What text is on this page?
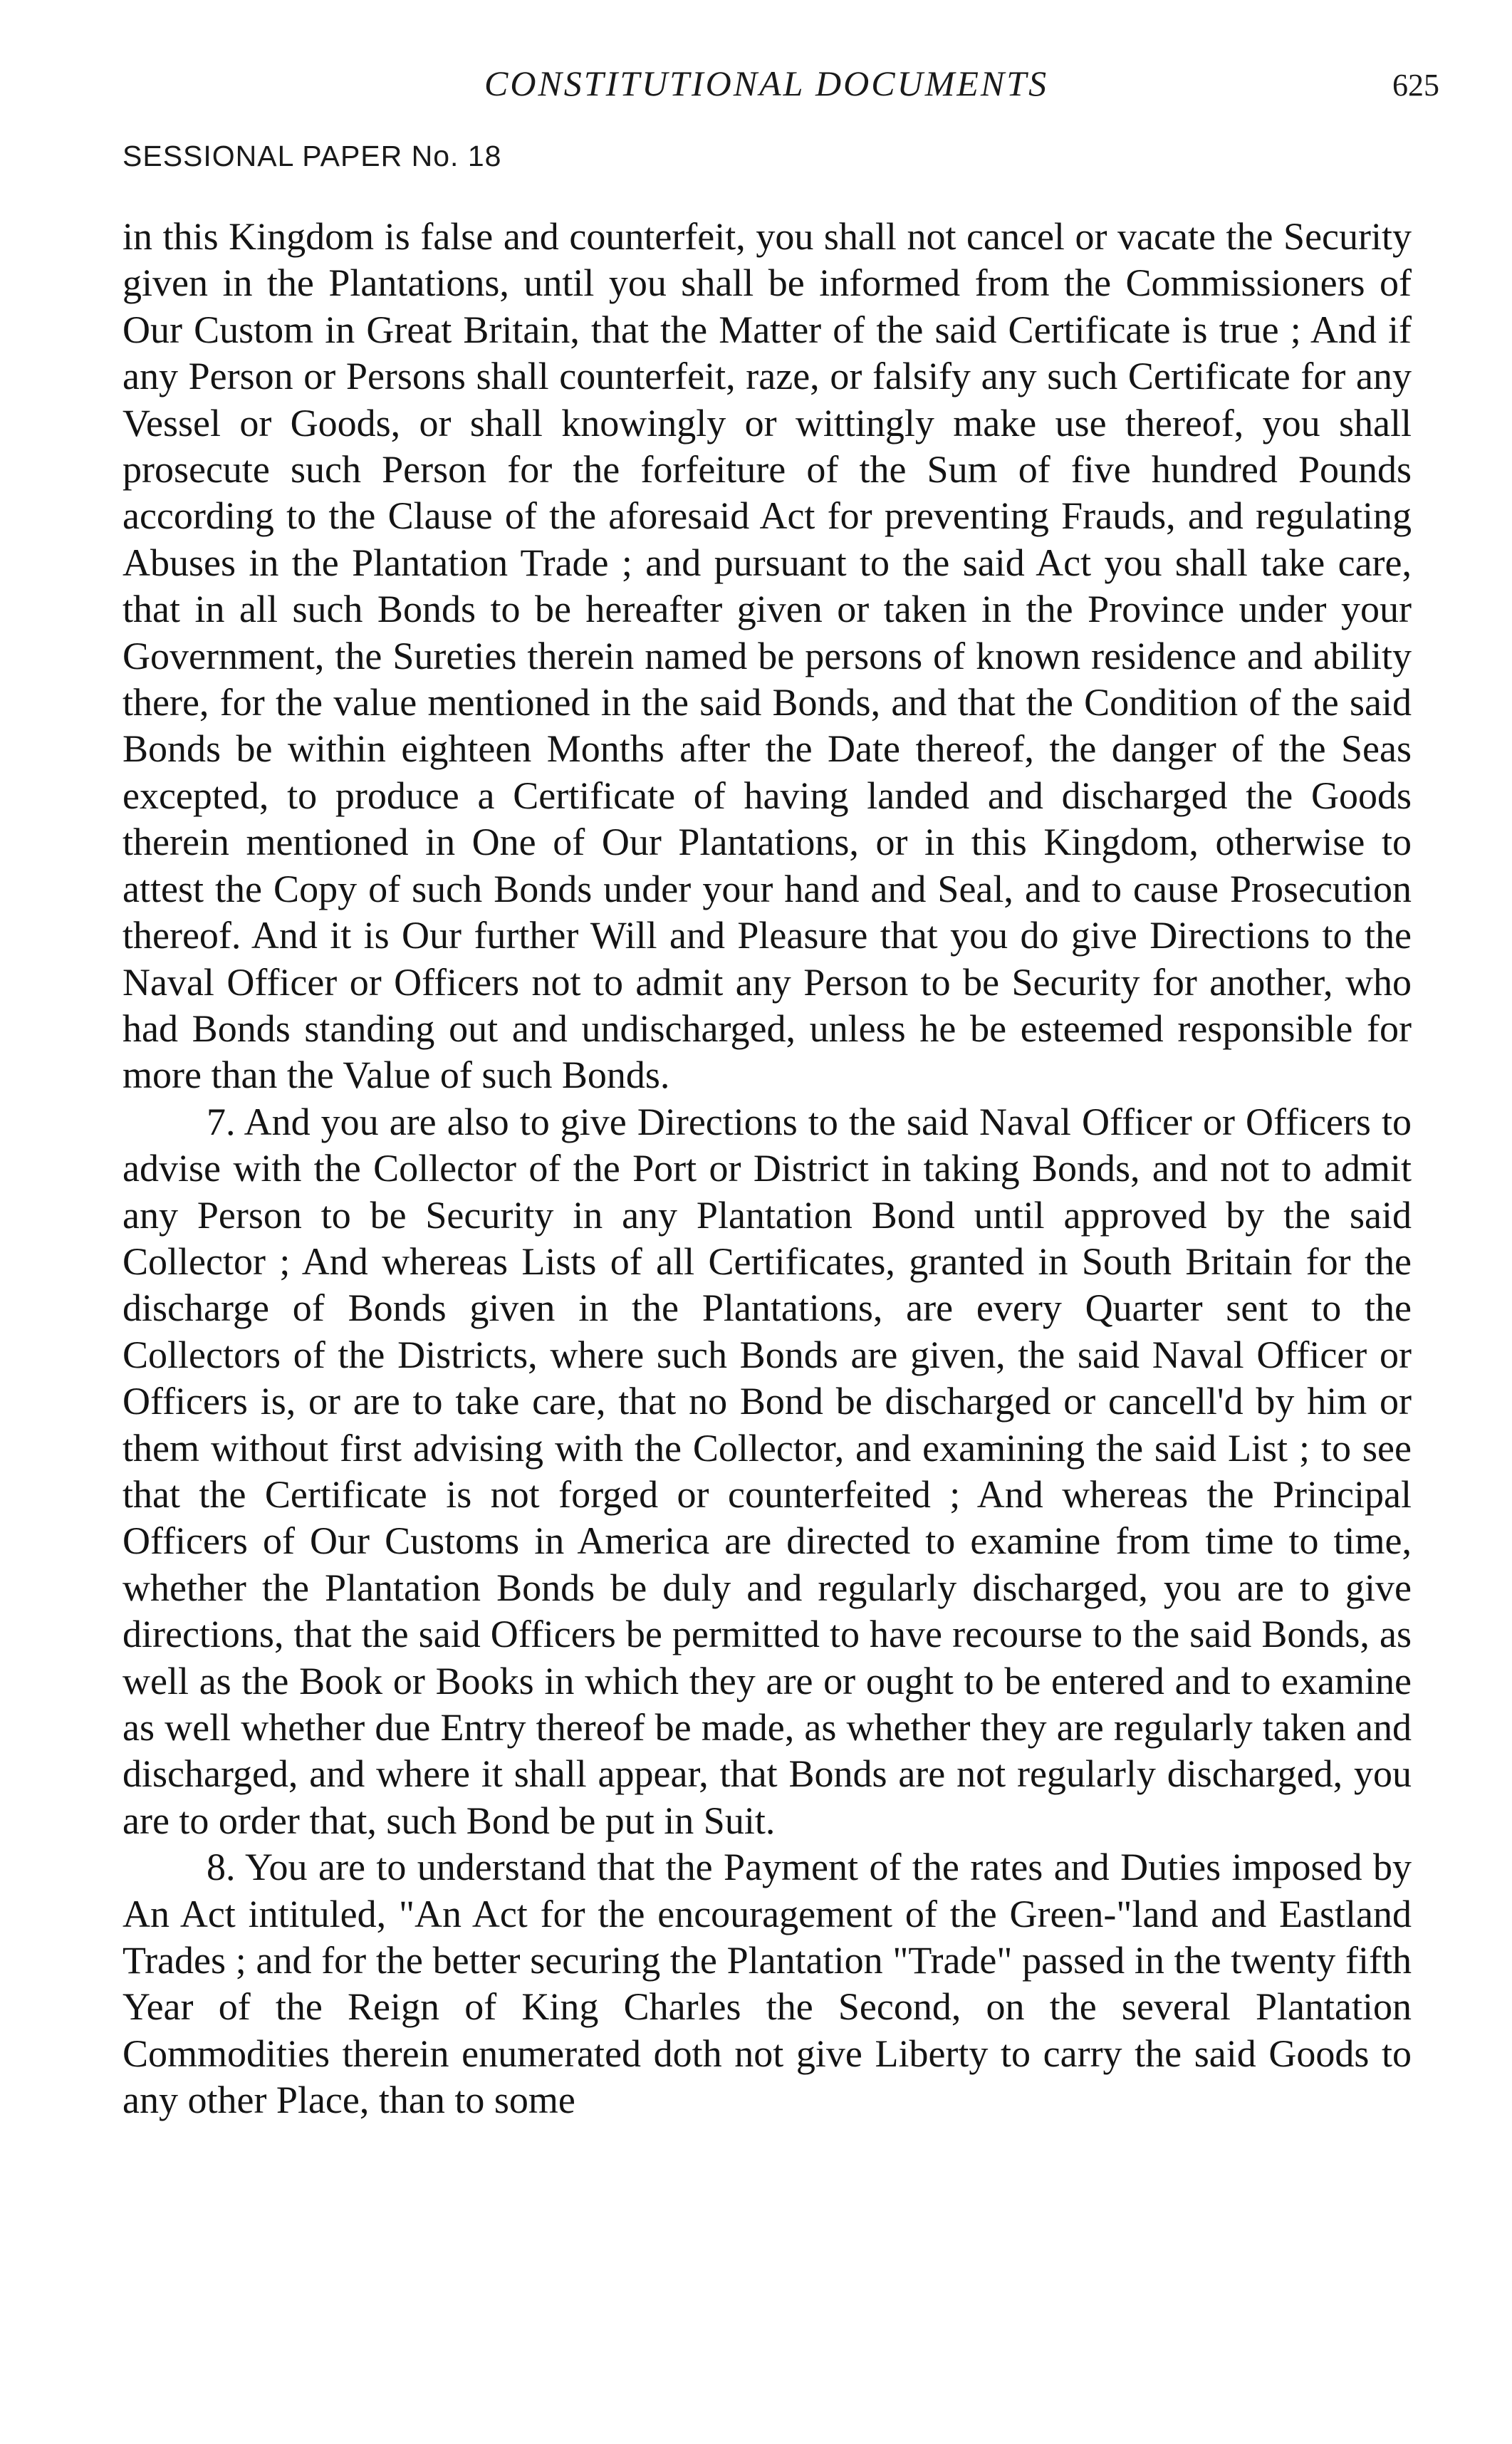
CONSTITUTIONAL DOCUMENTS	625
SESSIONAL PAPER No. 18

in this Kingdom is false and counterfeit, you shall not cancel or vacate the Security given in the Plantations, until you shall be informed from the Commissioners of Our Custom in Great Britain, that the Matter of the said Certificate is true ; And if any Person or Persons shall counterfeit, raze, or falsify any such Certificate for any Vessel or Goods, or shall knowingly or wittingly make use thereof, you shall prosecute such Person for the forfeiture of the Sum of five hundred Pounds according to the Clause of the aforesaid Act for preventing Frauds, and regulating Abuses in the Plantation Trade ; and pursuant to the said Act you shall take care, that in all such Bonds to be hereafter given or taken in the Province under your Government, the Sureties therein named be persons of known residence and ability there, for the value mentioned in the said Bonds, and that the Condition of the said Bonds be within eighteen Months after the Date thereof, the danger of the Seas excepted, to produce a Certificate of having landed and discharged the Goods therein mentioned in One of Our Plantations, or in this Kingdom, otherwise to attest the Copy of such Bonds under your hand and Seal, and to cause Prosecution thereof. And it is Our further Will and Pleasure that you do give Directions to the Naval Officer or Officers not to admit any Person to be Security for another, who had Bonds standing out and undischarged, unless he be esteemed responsible for more than the Value of such Bonds.

7. And you are also to give Directions to the said Naval Officer or Officers to advise with the Collector of the Port or District in taking Bonds, and not to admit any Person to be Security in any Plantation Bond until approved by the said Collector ; And whereas Lists of all Certificates, granted in South Britain for the discharge of Bonds given in the Plantations, are every Quarter sent to the Collectors of the Districts, where such Bonds are given, the said Naval Officer or Officers is, or are to take care, that no Bond be discharged or cancell'd by him or them without first advising with the Collector, and examining the said List ; to see that the Certificate is not forged or counterfeited ; And whereas the Principal Officers of Our Customs in America are directed to examine from time to time, whether the Plantation Bonds be duly and regularly discharged, you are to give directions, that the said Officers be permitted to have recourse to the said Bonds, as well as the Book or Books in which they are or ought to be entered and to examine as well whether due Entry thereof be made, as whether they are regularly taken and discharged, and where it shall appear, that Bonds are not regularly discharged, you are to order that, such Bond be put in Suit.

8. You are to understand that the Payment of the rates and Duties imposed by An Act intituled, "An Act for the encouragement of the Green-"land and Eastland Trades ; and for the better securing the Plantation "Trade" passed in the twenty fifth Year of the Reign of King Charles the Second, on the several Plantation Commodities therein enumerated doth not give Liberty to carry the said Goods to any other Place, than to some
